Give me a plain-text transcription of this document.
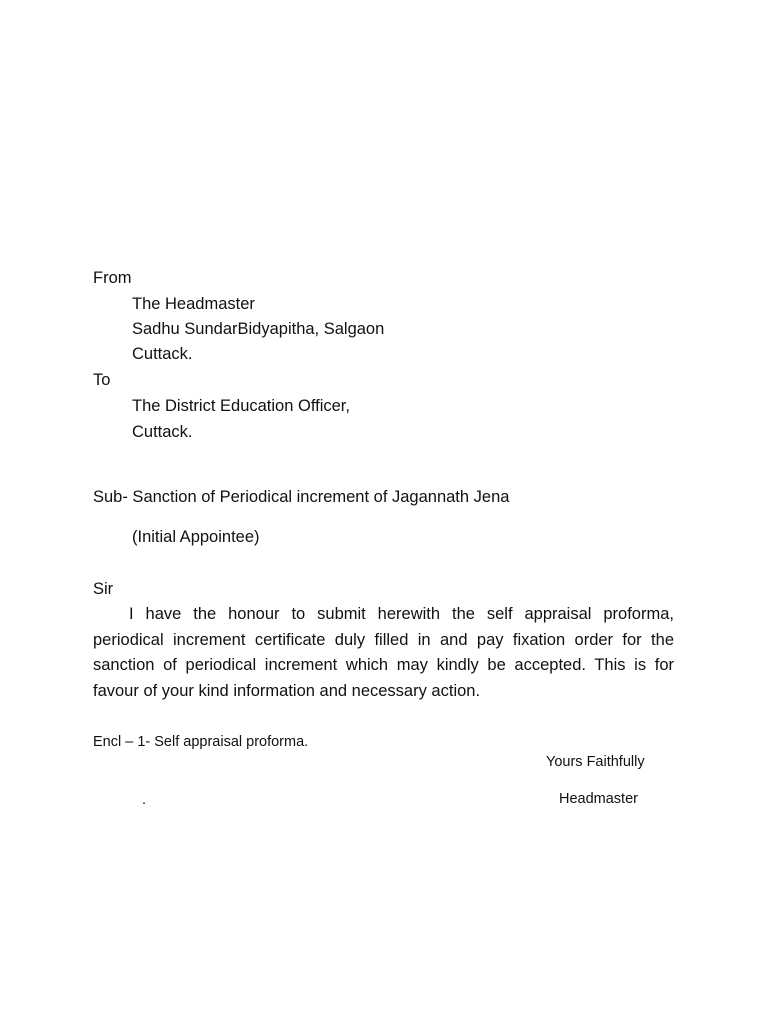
From
The Headmaster
Sadhu SundarBidyapitha, Salgaon
Cuttack.
To
The District Education Officer,
Cuttack.
Sub- Sanction of Periodical increment of Jagannath Jena
(Initial Appointee)
Sir
I have the honour to submit herewith the self appraisal proforma, periodical increment certificate duly filled in and pay fixation order for the sanction of periodical increment which may kindly be accepted. This is for favour of your kind information and necessary action.
Encl – 1- Self appraisal proforma.
Yours Faithfully
.	Headmaster
